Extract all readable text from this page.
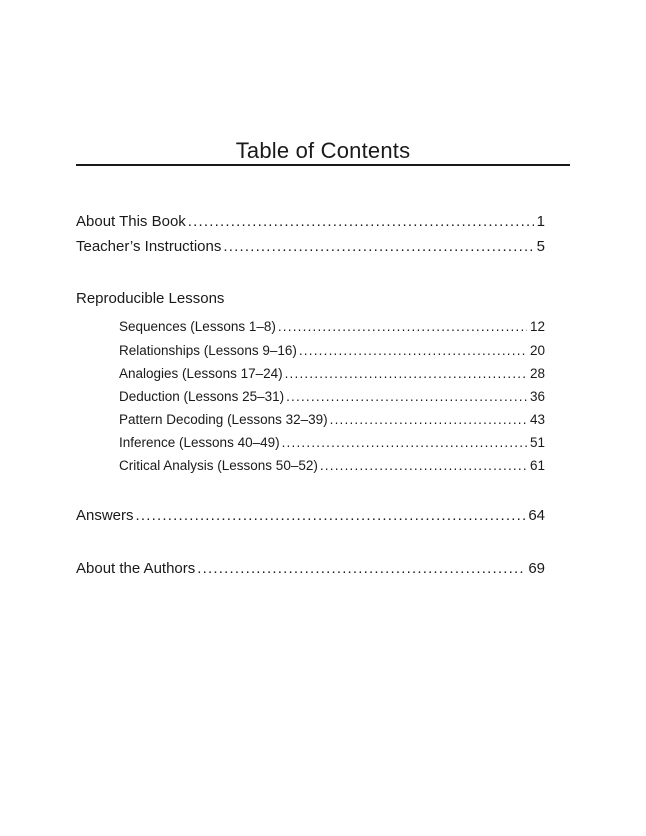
Table of Contents
About This Book .....	1
Teacher’s Instructions .....	5
Reproducible Lessons
Sequences (Lessons 1–8) .....	12
Relationships (Lessons 9–16) .....	20
Analogies (Lessons 17–24) .....	28
Deduction (Lessons 25–31) .....	36
Pattern Decoding (Lessons 32–39) .....	43
Inference (Lessons 40–49) .....	51
Critical Analysis (Lessons 50–52) .....	61
Answers .....	64
About the Authors .....	69
